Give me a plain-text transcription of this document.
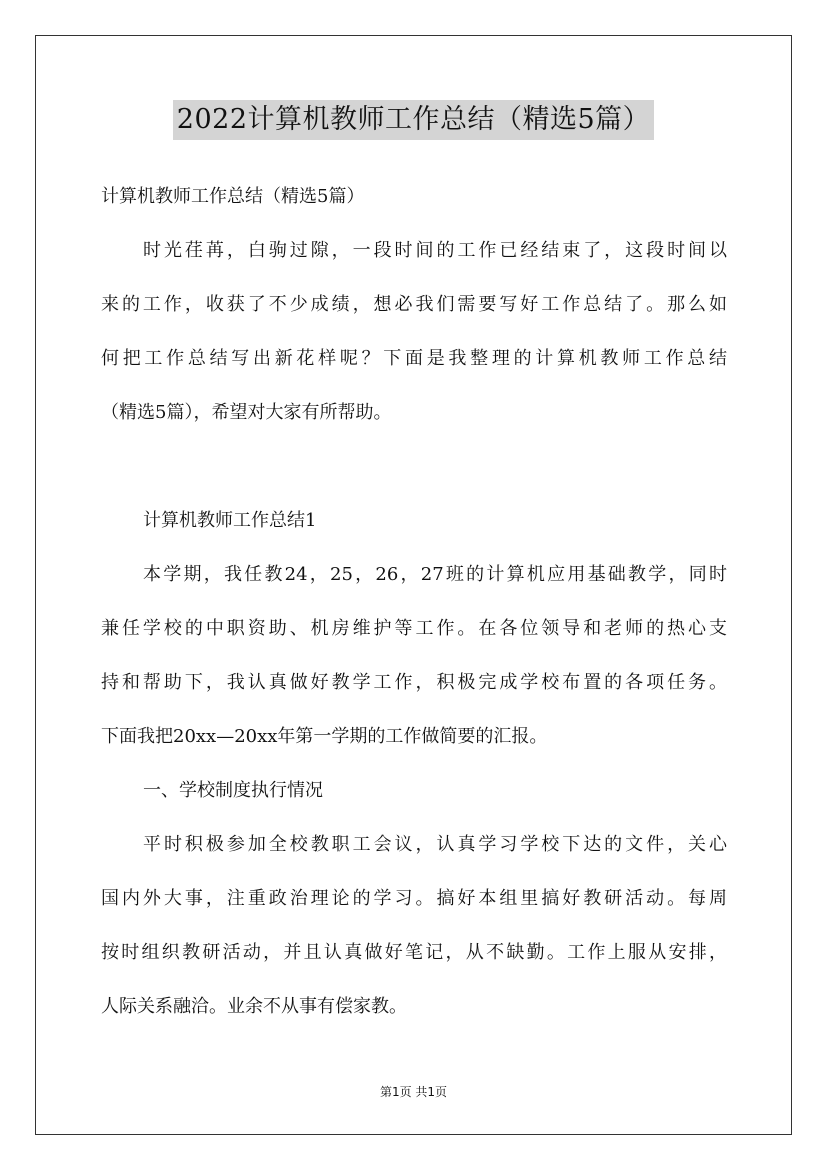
2022计算机教师工作总结（精选5篇）
计算机教师工作总结（精选5篇）
时光荏苒，白驹过隙，一段时间的工作已经结束了，这段时间以
来的工作，收获了不少成绩，想必我们需要写好工作总结了。那么如
何把工作总结写出新花样呢？下面是我整理的计算机教师工作总结
（精选5篇），希望对大家有所帮助。
计算机教师工作总结1
本学期，我任教24，25，26，27班的计算机应用基础教学，同时
兼任学校的中职资助、机房维护等工作。在各位领导和老师的热心支
持和帮助下，我认真做好教学工作，积极完成学校布置的各项任务。
下面我把20xx—20xx年第一学期的工作做简要的汇报。
一、学校制度执行情况
平时积极参加全校教职工会议，认真学习学校下达的文件，关心
国内外大事，注重政治理论的学习。搞好本组里搞好教研活动。每周
按时组织教研活动，并且认真做好笔记，从不缺勤。工作上服从安排，
人际关系融洽。业余不从事有偿家教。
第1页 共1页
